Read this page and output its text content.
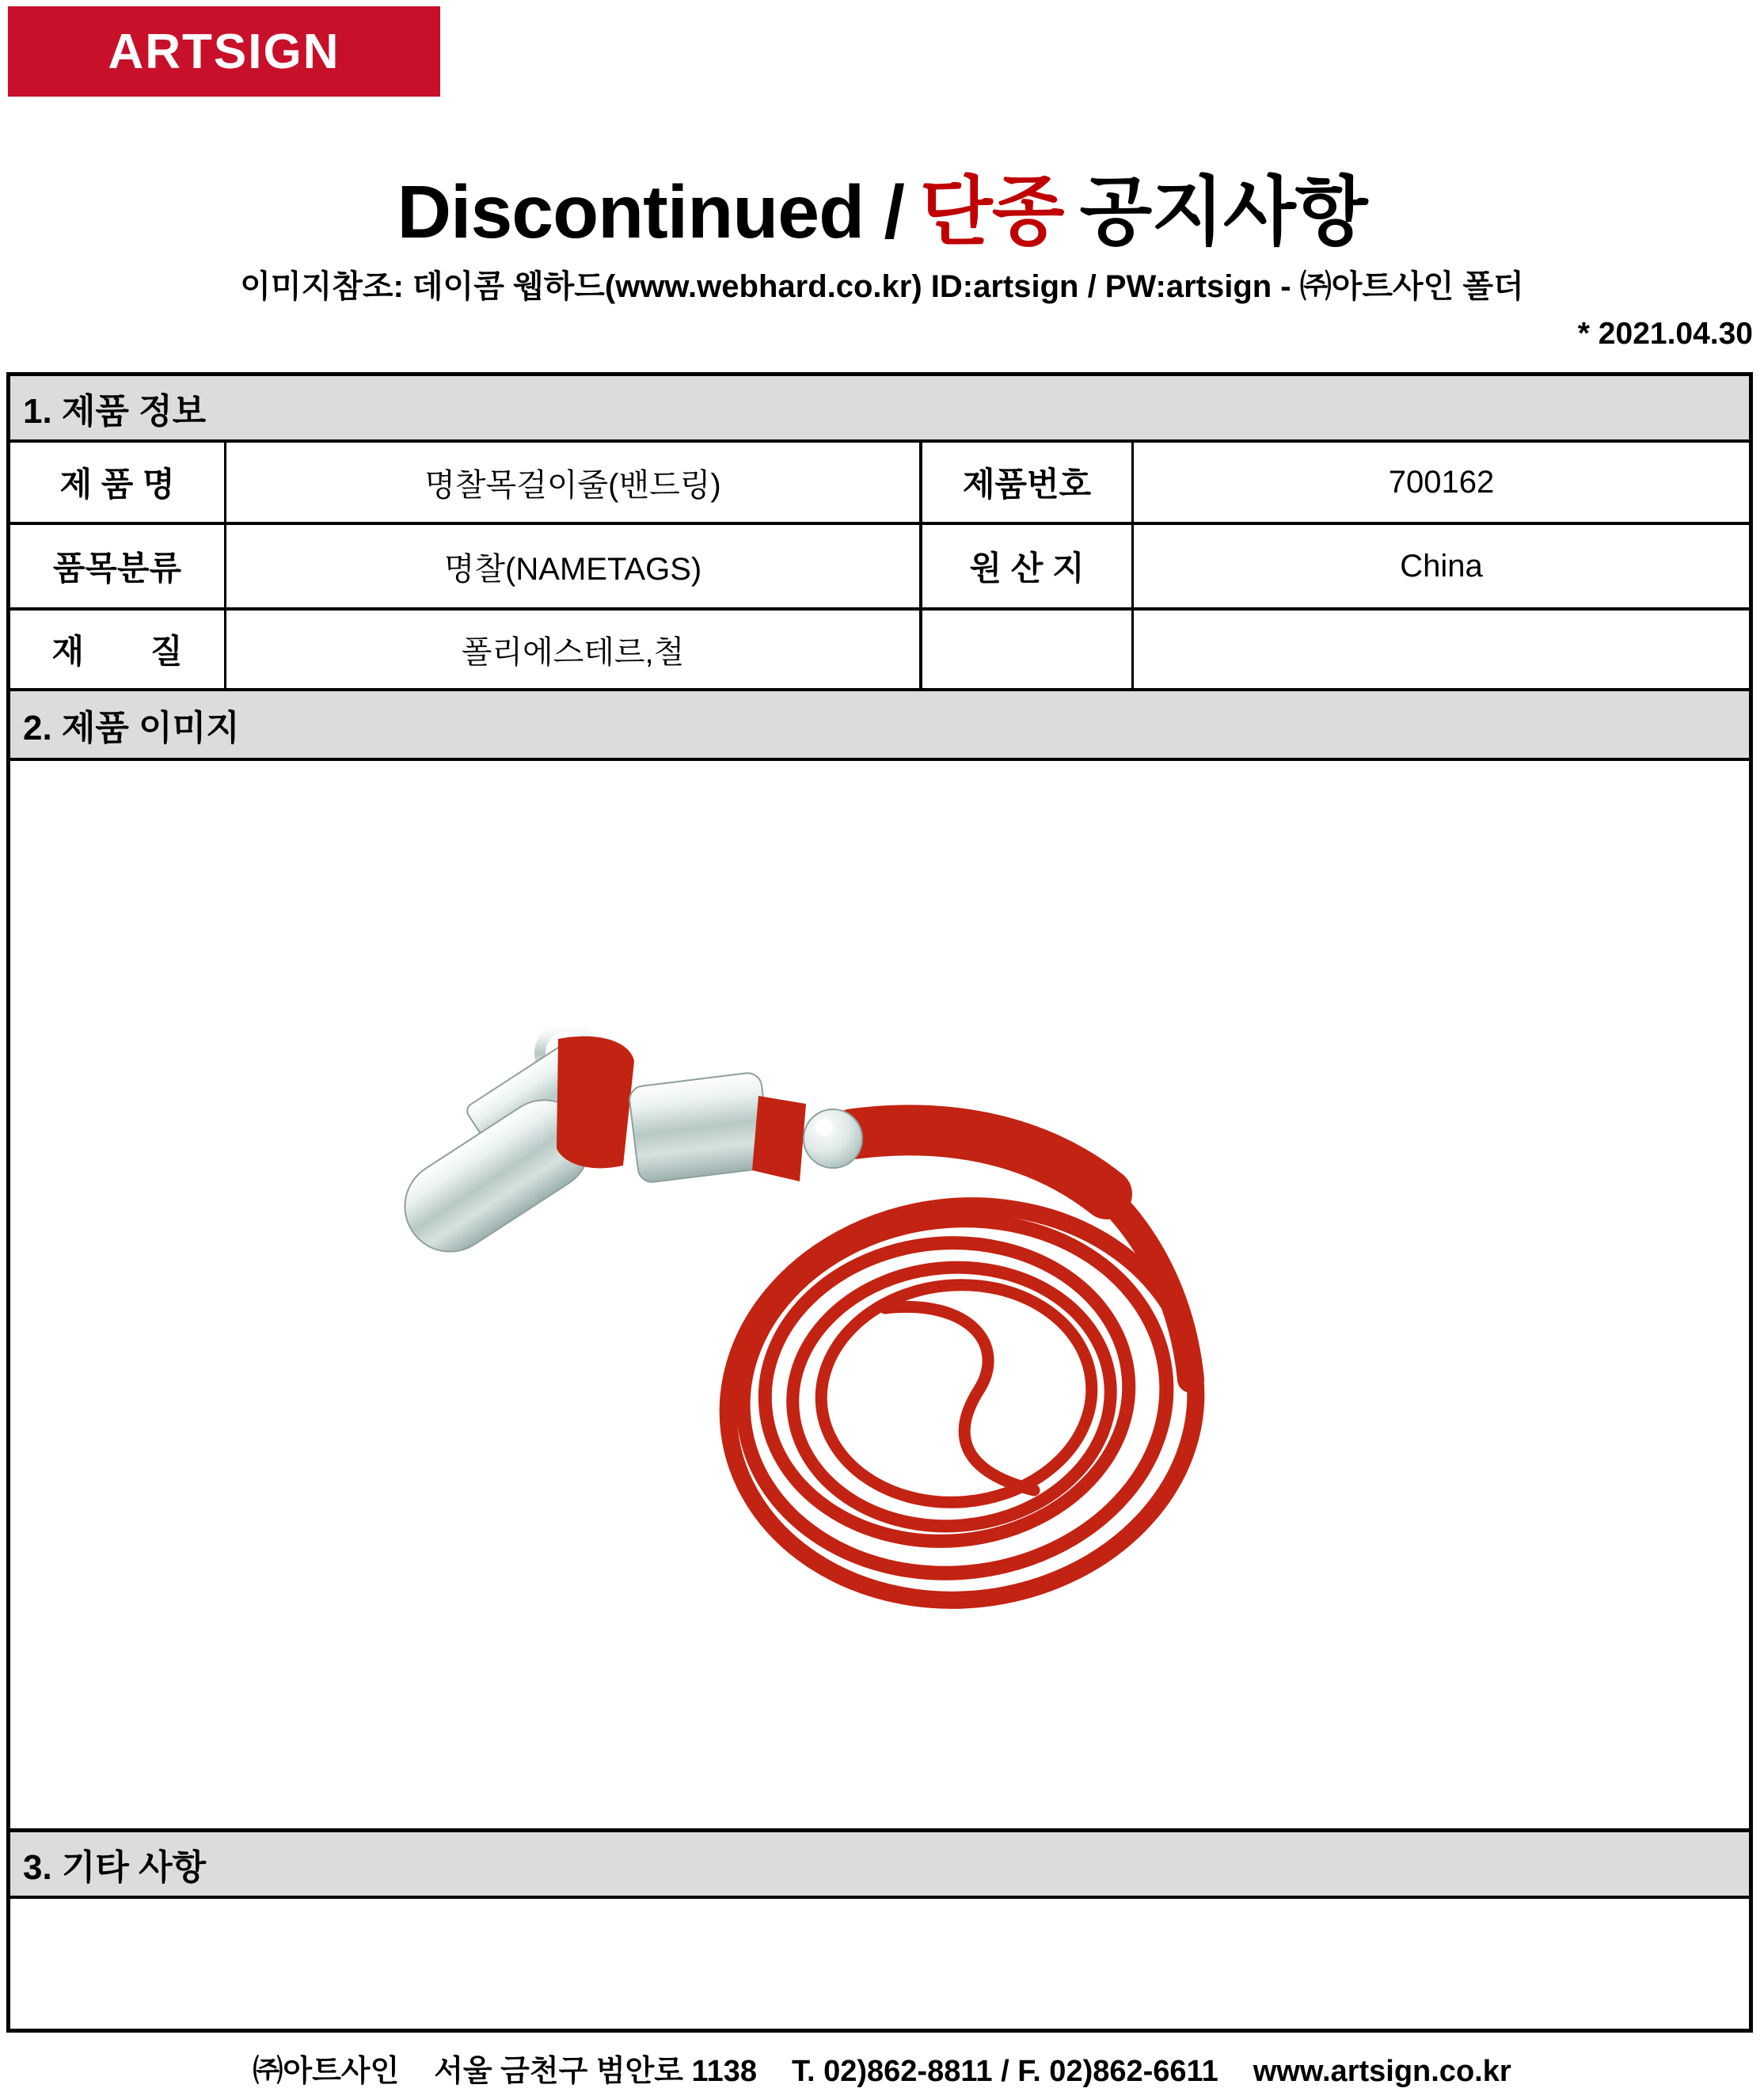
ARTSIGN
Discontinued / 단종 공지사항
이미지참조: 데이콤 웹하드(www.webhard.co.kr) ID:artsign / PW:artsign - ㈜아트사인 폴더
* 2021.04.30
1. 제품 정보
제 품 명	명찰목걸이줄(밴드링)	제품번호	700162
품목분류	명찰(NAMETAGS)	원 산 지	China
재　　질	폴리에스테르,철
2. 제품 이미지
3. 기타 사항
㈜아트사인 서울 금천구 범안로 1138 T. 02)862-8811 / F. 02)862-6611 www.artsign.co.kr
